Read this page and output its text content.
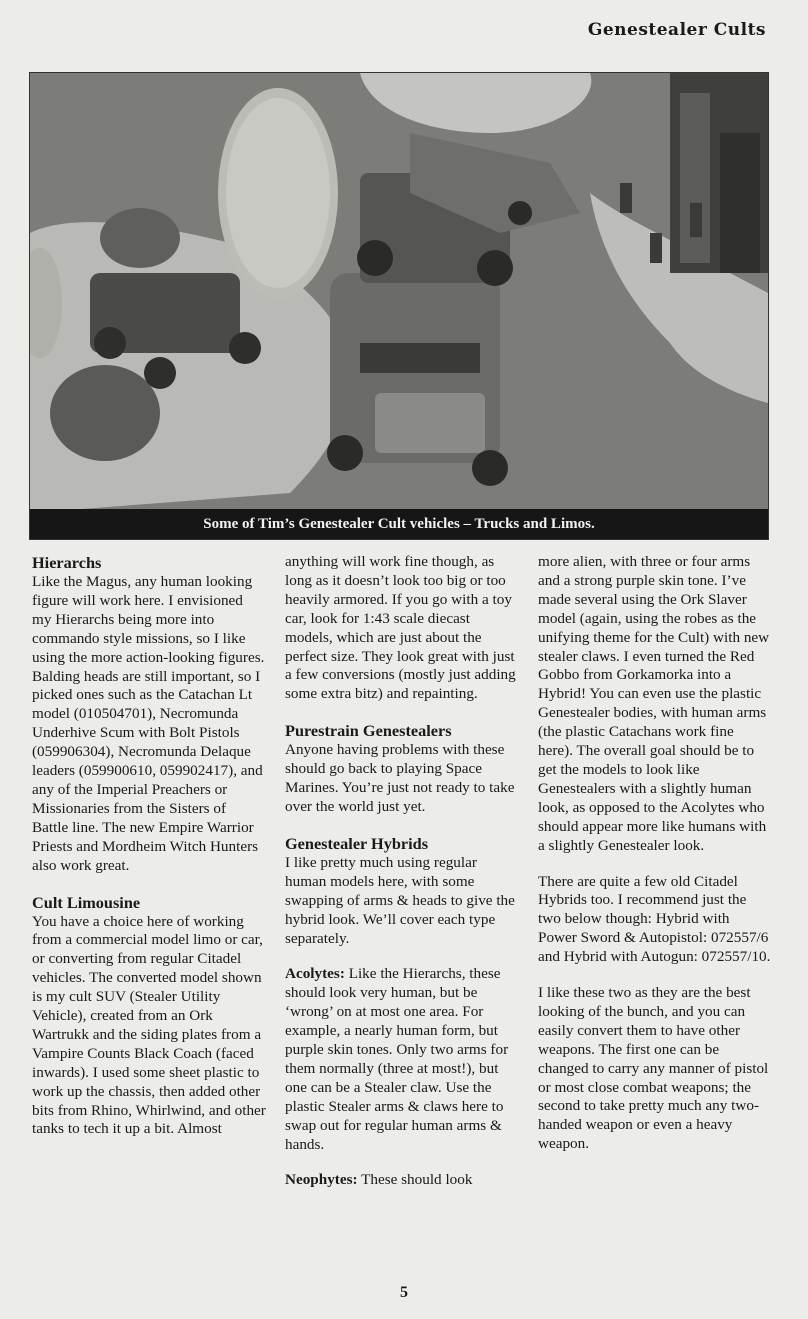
Genestealer Cults
Some of Tim’s Genestealer Cult vehicles – Trucks and Limos.
Hierarchs

Like the Magus, any human looking figure will work here. I envisioned my Hierarchs being more into commando style missions, so I like using the more action-looking figures. Balding heads are still important, so I picked ones such as the Catachan Lt model (010504701), Necromunda Underhive Scum with Bolt Pistols (059906304), Necromunda Delaque leaders (059900610, 059902417), and any of the Imperial Preachers or Missionaries from the Sisters of Battle line. The new Empire Warrior Priests and Mordheim Witch Hunters also work great.

Cult Limousine

You have a choice here of working from a commercial model limo or car, or converting from regular Citadel vehicles. The converted model shown is my cult SUV (Stealer Utility Vehicle), created from an Ork Wartrukk and the siding plates from a Vampire Counts Black Coach (faced inwards). I used some sheet plastic to work up the chassis, then added other bits from Rhino, Whirlwind, and other tanks to tech it up a bit. Almost

anything will work fine though, as long as it doesn’t look too big or too heavily armored. If you go with a toy car, look for 1:43 scale diecast models, which are just about the perfect size. They look great with just a few conversions (mostly just adding some extra bitz) and repainting.

Purestrain Genestealers

Anyone having problems with these should go back to playing Space Marines. You’re just not ready to take over the world just yet.

Genestealer Hybrids

I like pretty much using regular human models here, with some swapping of arms & heads to give the hybrid look. We’ll cover each type separately.

Acolytes: Like the Hierarchs, these should look very human, but be ‘wrong’ on at most one area. For example, a nearly human form, but purple skin tones. Only two arms for them normally (three at most!), but one can be a Stealer claw. Use the plastic Stealer arms & claws here to swap out for regular human arms & hands.

Neophytes: These should look

more alien, with three or four arms and a strong purple skin tone. I’ve made several using the Ork Slaver model (again, using the robes as the unifying theme for the Cult) with new stealer claws. I even turned the Red Gobbo from Gorkamorka into a Hybrid! You can even use the plastic Genestealer bodies, with human arms (the plastic Catachans work fine here). The overall goal should be to get the models to look like Genestealers with a slightly human look, as opposed to the Acolytes who should appear more like humans with a slightly Genestealer look.

There are quite a few old Citadel Hybrids too. I recommend just the two below though: Hybrid with Power Sword & Autopistol: 072557/6 and Hybrid with Autogun: 072557/10.

I like these two as they are the best looking of the bunch, and you can easily convert them to have other weapons. The first one can be changed to carry any manner of pistol or most close combat weapons; the second to take pretty much any two-handed weapon or even a heavy weapon.

5
